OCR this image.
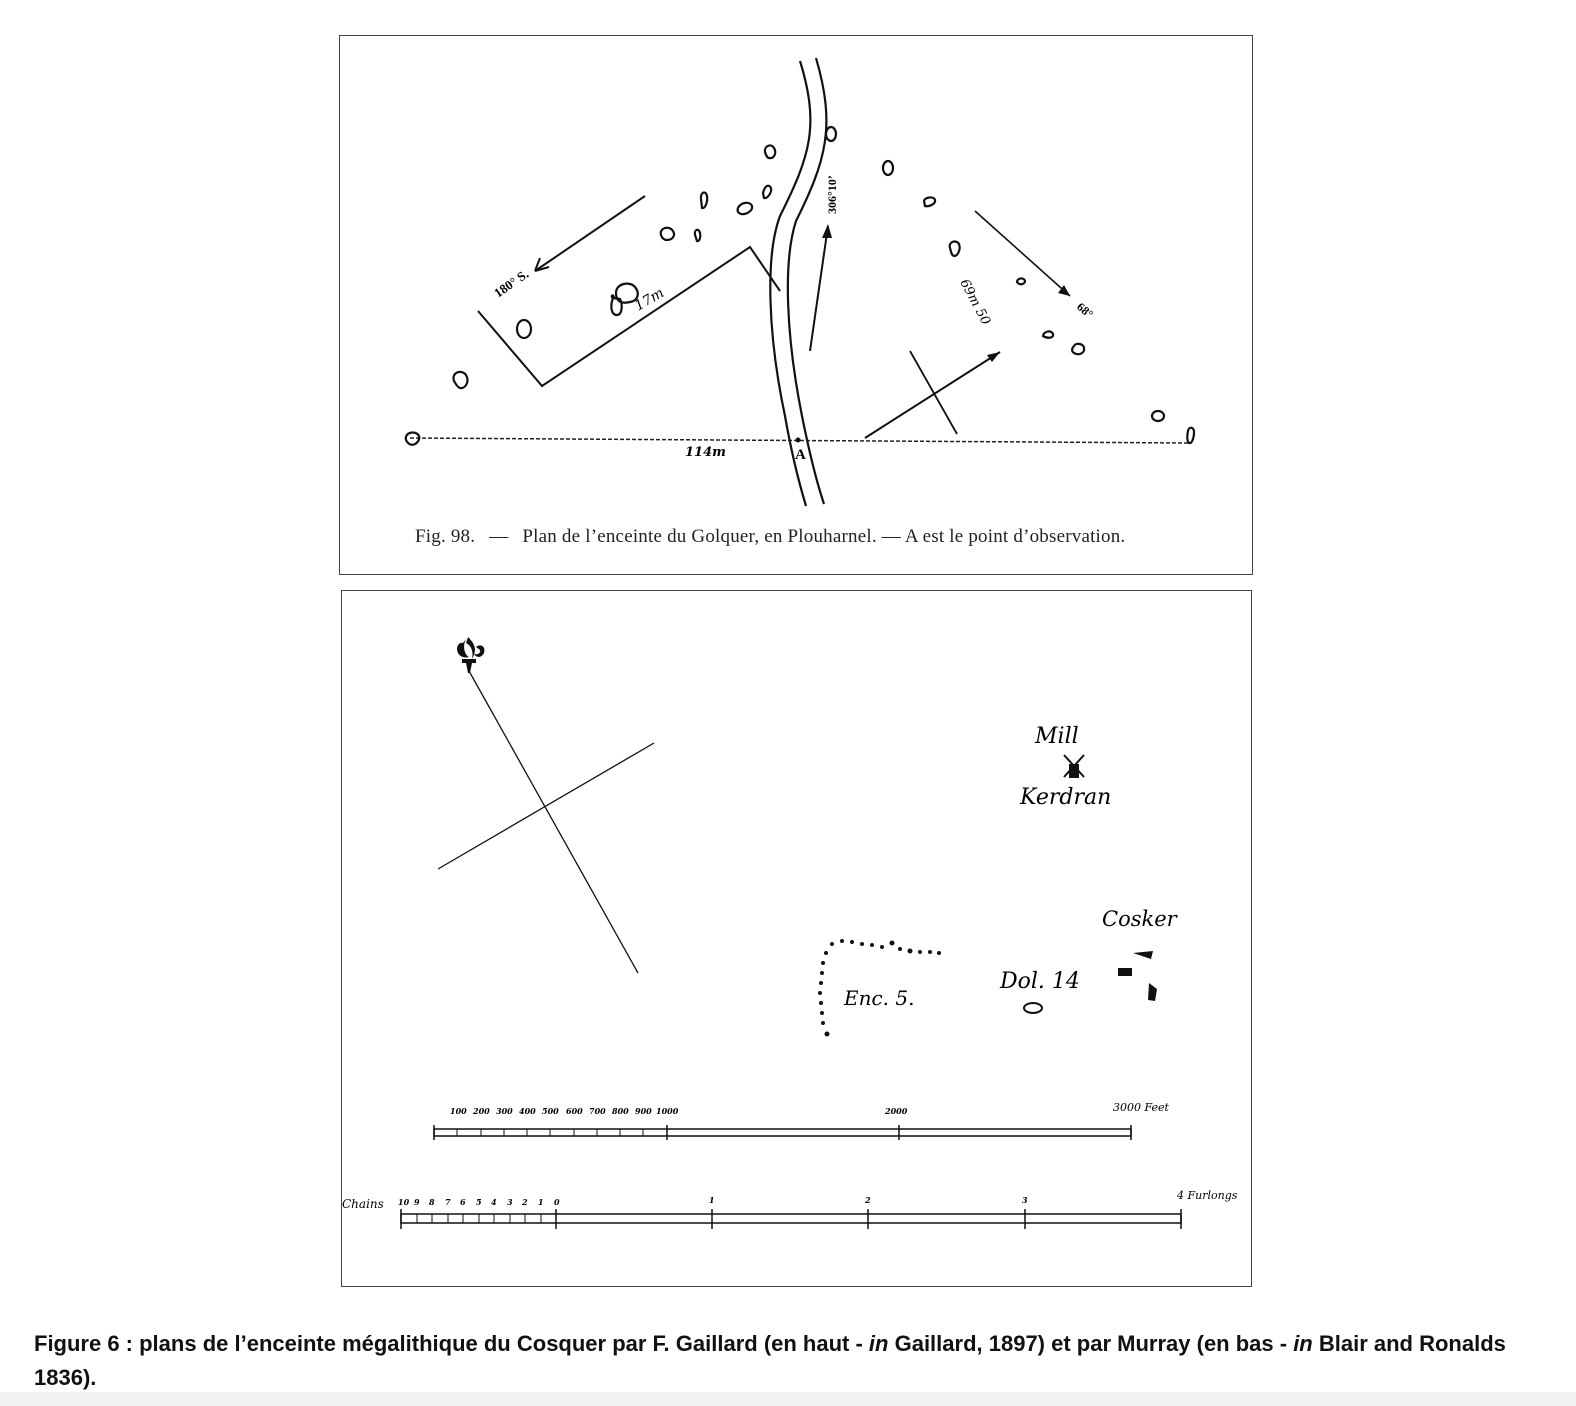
180° S.	17m
306°10’
68°
69m 50
114m	A
Fig. 98. — Plan de l’enceinte du Golquer, en Plouharnel. — A est le point d’observation.
Mill
Kerdran
Cosker
Dol. 14
Enc. 5.
100 200 300 400 500 600 700 800 900 1000	2000	3000 Feet
Chains 10 9 8 7 6 5 4 3 2 1 0	1	2	3	4 Furlongs
Figure 6 : plans de l’enceinte mégalithique du Cosquer par F. Gaillard (en haut - in Gaillard, 1897) et par Murray (en bas - in Blair and Ronalds 1836).
